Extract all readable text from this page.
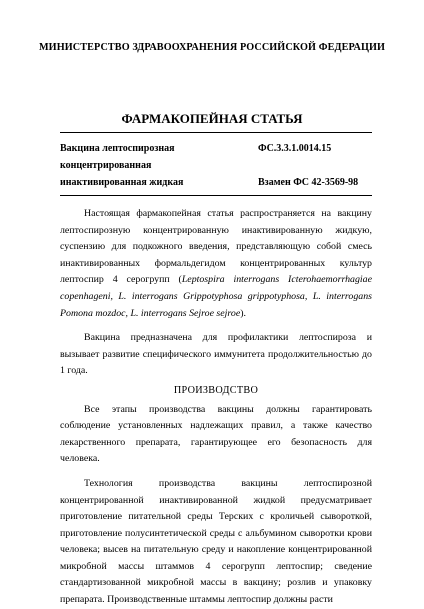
МИНИСТЕРСТВО ЗДРАВООХРАНЕНИЯ РОССИЙСКОЙ ФЕДЕРАЦИИ
ФАРМАКОПЕЙНАЯ СТАТЬЯ
Вакцина лептоспирозная
концентрированная
инактивированная жидкая
ФС.3.3.1.0014.15

Взамен ФС 42-3569-98

Настоящая фармакопейная статья распространяется на вакцину лептоспирозную концентрированную инактивированную жидкую, суспензию для подкожного введения, представляющую собой смесь инактивированных формальдегидом концентрированных культур лептоспир 4 серогрупп (Leptospira interrogans Icterohaemorrhagiae copenhageni, L. interrogans Grippotyphosa grippotyphosa, L. interrogans Pomona mozdoc, L. interrogans Sejroe sejroe).

Вакцина предназначена для профилактики лептоспироза и вызывает развитие специфического иммунитета продолжительностью до 1 года.

ПРОИЗВОДСТВО

Все этапы производства вакцины должны гарантировать соблюдение установленных надлежащих правил, а также качество лекарственного препарата, гарантирующее его безопасность для человека.

Технология производства вакцины лептоспирозной концентрированной инактивированной жидкой предусматривает приготовление питательной среды Терских с кроличьей сывороткой, приготовление полусинтетической среды с альбумином сыворотки крови человека; высев на питательную среду и накопление концентрированной микробной массы штаммов 4 серогрупп лептоспир; сведение стандартизованной микробной массы в вакцину; розлив и упаковку препарата. Производственные штаммы лептоспир должны расти
